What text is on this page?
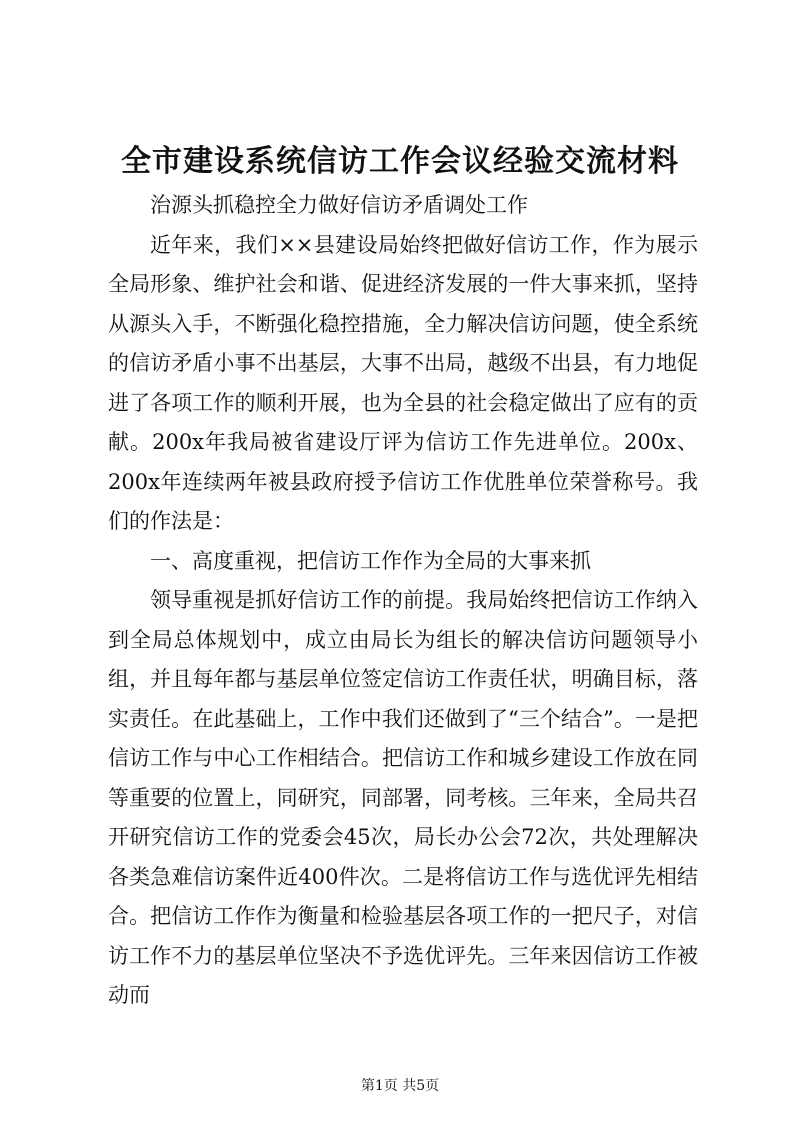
全市建设系统信访工作会议经验交流材料

治源头抓稳控全力做好信访矛盾调处工作

近年来，我们××县建设局始终把做好信访工作，作为展示全局形象、维护社会和谐、促进经济发展的一件大事来抓，坚持从源头入手，不断强化稳控措施，全力解决信访问题，使全系统的信访矛盾小事不出基层，大事不出局，越级不出县，有力地促进了各项工作的顺利开展，也为全县的社会稳定做出了应有的贡献。200x年我局被省建设厅评为信访工作先进单位。200x、200x年连续两年被县政府授予信访工作优胜单位荣誉称号。我们的作法是：

一、高度重视，把信访工作作为全局的大事来抓

领导重视是抓好信访工作的前提。我局始终把信访工作纳入到全局总体规划中，成立由局长为组长的解决信访问题领导小组，并且每年都与基层单位签定信访工作责任状，明确目标，落实责任。在此基础上，工作中我们还做到了“三个结合”。一是把信访工作与中心工作相结合。把信访工作和城乡建设工作放在同等重要的位置上，同研究，同部署，同考核。三年来，全局共召开研究信访工作的党委会45次，局长办公会72次，共处理解决各类急难信访案件近400件次。二是将信访工作与选优评先相结合。把信访工作作为衡量和检验基层各项工作的一把尺子，对信访工作不力的基层单位坚决不予选优评先。三年来因信访工作被动而

第1页 共5页
